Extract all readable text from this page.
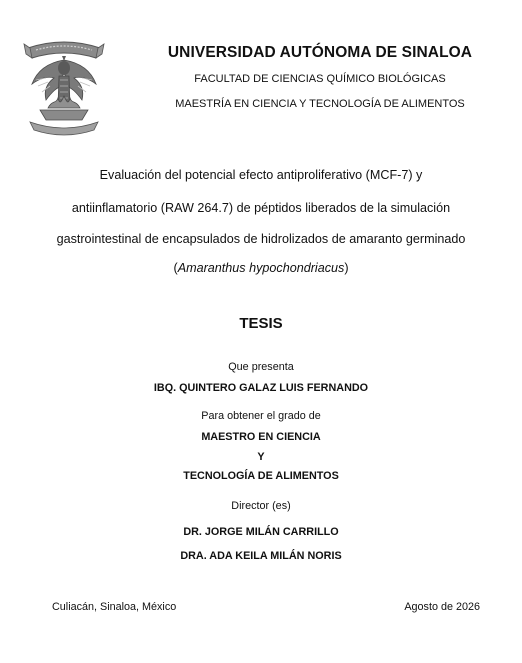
UNIVERSIDAD AUTÓNOMA DE SINALOA
FACULTAD DE CIENCIAS QUÍMICO BIOLÓGICAS
MAESTRÍA EN CIENCIA Y TECNOLOGÍA DE ALIMENTOS
Evaluación del potencial efecto antiproliferativo (MCF-7) y
antiinflamatorio (RAW 264.7) de péptidos liberados de la simulación
gastrointestinal de encapsulados de hidrolizados de amaranto germinado
(Amaranthus hypochondriacus)
TESIS
Que presenta
IBQ. QUINTERO GALAZ LUIS FERNANDO
Para obtener el grado de
MAESTRO EN CIENCIA
Y
TECNOLOGÍA DE ALIMENTOS
Director (es)
DR. JORGE MILÁN CARRILLO
DRA. ADA KEILA MILÁN NORIS
Culiacán, Sinaloa, México	Agosto de 2026
